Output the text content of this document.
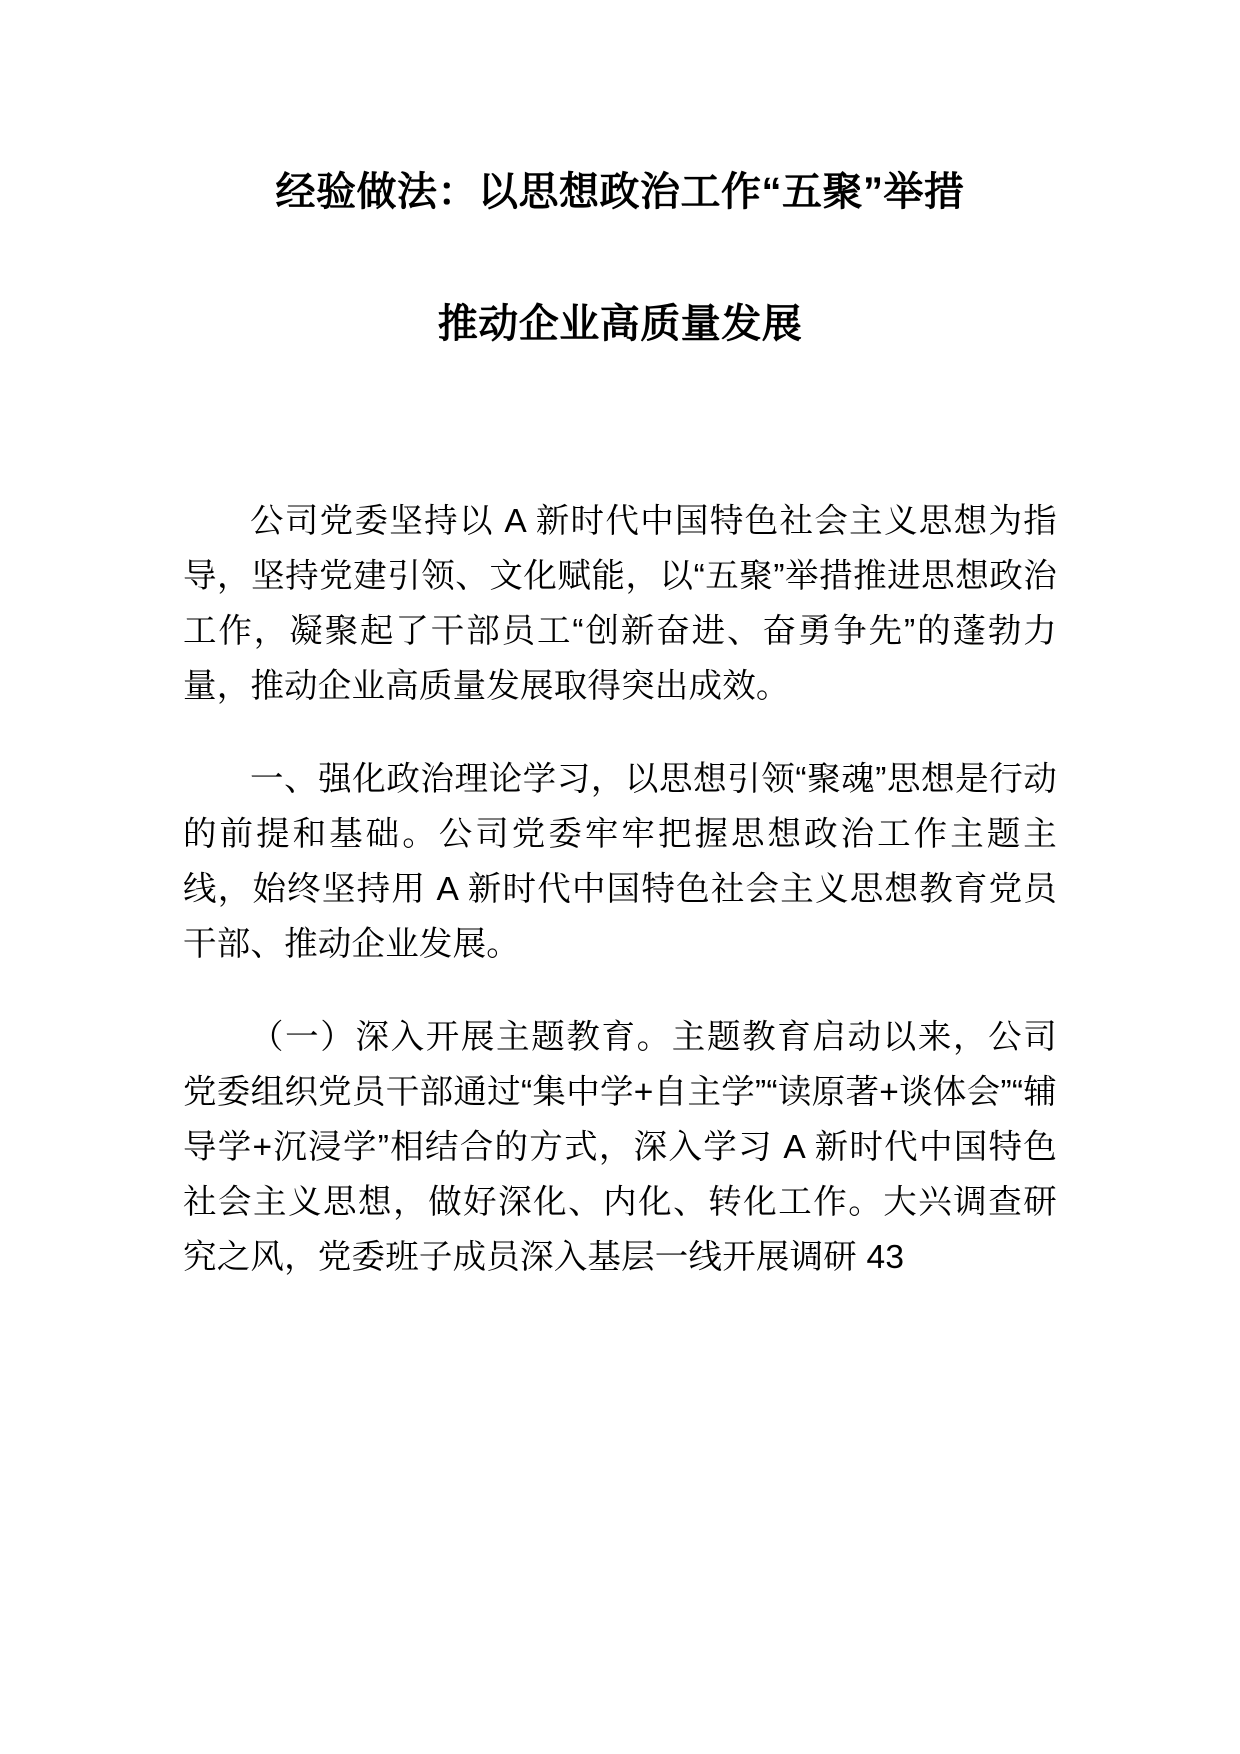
经验做法：以思想政治工作“五聚”举措
推动企业高质量发展

公司党委坚持以 A 新时代中国特色社会主义思想为指导，坚持党建引领、文化赋能，以“五聚”举措推进思想政治工作，凝聚起了干部员工“创新奋进、奋勇争先”的蓬勃力量，推动企业高质量发展取得突出成效。

一、强化政治理论学习，以思想引领“聚魂”思想是行动的前提和基础。公司党委牢牢把握思想政治工作主题主线，始终坚持用 A 新时代中国特色社会主义思想教育党员干部、推动企业发展。

（一）深入开展主题教育。主题教育启动以来，公司党委组织党员干部通过“集中学+自主学”“读原著+谈体会”“辅导学+沉浸学”相结合的方式，深入学习 A 新时代中国特色社会主义思想，做好深化、内化、转化工作。大兴调查研究之风，党委班子成员深入基层一线开展调研 43
